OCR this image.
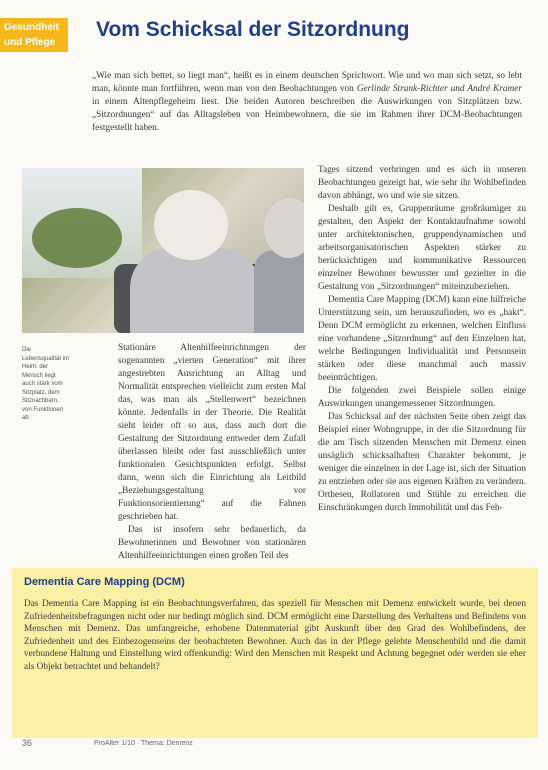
Gesundheit und Pflege
Vom Schicksal der Sitzordnung

„Wie man sich bettet, so liegt man“, heißt es in einem deutschen Sprichwort. Wie und wo man sich setzt, so lebt man, könnte man fortführen, wenn man von den Beobachtungen von Gerlinde Strunk-Richter und André Kramer in einem Altenpflegeheim liest. Die beiden Autoren beschreiben die Auswirkungen von Sitzplätzen bzw. „Sitzordnungen“ auf das Alltagsleben von Heimbewohnern, die sie im Rahmen ihrer DCM-Beobachtungen festgestellt haben.

Die Lebensqualität im Heim: der Mensch liegt auch stark vom Sitzplatz, dem Sitznachbarn, von Funktionen ab

Stationäre Altenhilfeeinrichtungen der sogenannten „vierten Generation“ mit ihrer angestrebten Ausrichtung an Alltag und Normalität entsprechen vielleicht zum ersten Mal das, was man als „Stellenwert“ bezeichnen könnte. Jedenfalls in der Theorie. Die Realität sieht leider oft so aus, dass auch dort die Gestaltung der Sitzordnung entweder dem Zufall überlassen bleibt oder fast ausschließlich unter funktionalen Gesichtspunkten erfolgt. Selbst dann, wenn sich die Einrichtung als Leitbild „Beziehungsgestaltung vor Funktionsorientierung“ auf die Fahnen geschrieben hat.

Das ist insofern sehr bedauerlich, da Bewohnerinnen und Bewohner von stationären Altenhilfeeinrichtungen einen großen Teil des

Tages sitzend verbringen und es sich in unseren Beobachtungen gezeigt hat, wie sehr ihr Wohlbefinden davon abhängt, wo und wie sie sitzen.

Deshalb gilt es, Gruppenräume großräumiger zu gestalten, den Aspekt der Kontaktaufnahme sowohl unter architektonischen, gruppendynamischen und arbeitsorganisatorischen Aspekten stärker zu berücksichtigen und kommunikative Ressourcen einzelner Bewohner bewusster und gezielter in die Gestaltung von „Sitzordnungen“ miteinzubeziehen.

Dementia Care Mapping (DCM) kann eine hilfreiche Unterstützung sein, um herauszufinden, wo es „hakt“. Denn DCM ermöglicht zu erkennen, welchen Einfluss eine vorhandene „Sitzordnung“ auf den Einzelnen hat, welche Bedingungen Individualität und Personsein stärken oder diese manchmal auch massiv beeinträchtigen.

Die folgenden zwei Beispiele sollen einige Auswirkungen unangemessener Sitzordnungen.

Das Schicksal auf der nächsten Seite oben zeigt das Beispiel einer Wohngruppe, in der die Sitzordnung für die am Tisch sitzenden Menschen mit Demenz einen unsäglich schicksalhaften Charakter bekommt, je weniger die einzelnen in der Lage ist, sich der Situation zu entziehen oder sie aus eigenen Kräften zu verändern. Orthesen, Rollatoren und Stühle zu erreichen die Einschränkungen durch Immobilität und das Feh-

Dementia Care Mapping (DCM)

Das Dementia Care Mapping ist ein Beobachtungsverfahren, das speziell für Menschen mit Demenz entwickelt wurde, bei denen Zufriedenheitsbefragungen nicht oder nur bedingt möglich sind. DCM ermöglicht eine Darstellung des Verhaltens und Befindens von Menschen mit Demenz. Das umfangreiche, erhobene Datenmaterial gibt Auskunft über den Grad des Wohlbefindens, der Zufriedenheit und des Einbezogenseins der beobachteten Bewohner. Auch das in der Pflege gelebte Menschenbild und die damit verbundene Haltung und Einstellung wird offenkundig: Wird den Menschen mit Respekt und Achtung begegnet oder werden sie eher als Objekt betrachtet und behandelt?

36	ProAlter 1/10 · Thema: Demenz
